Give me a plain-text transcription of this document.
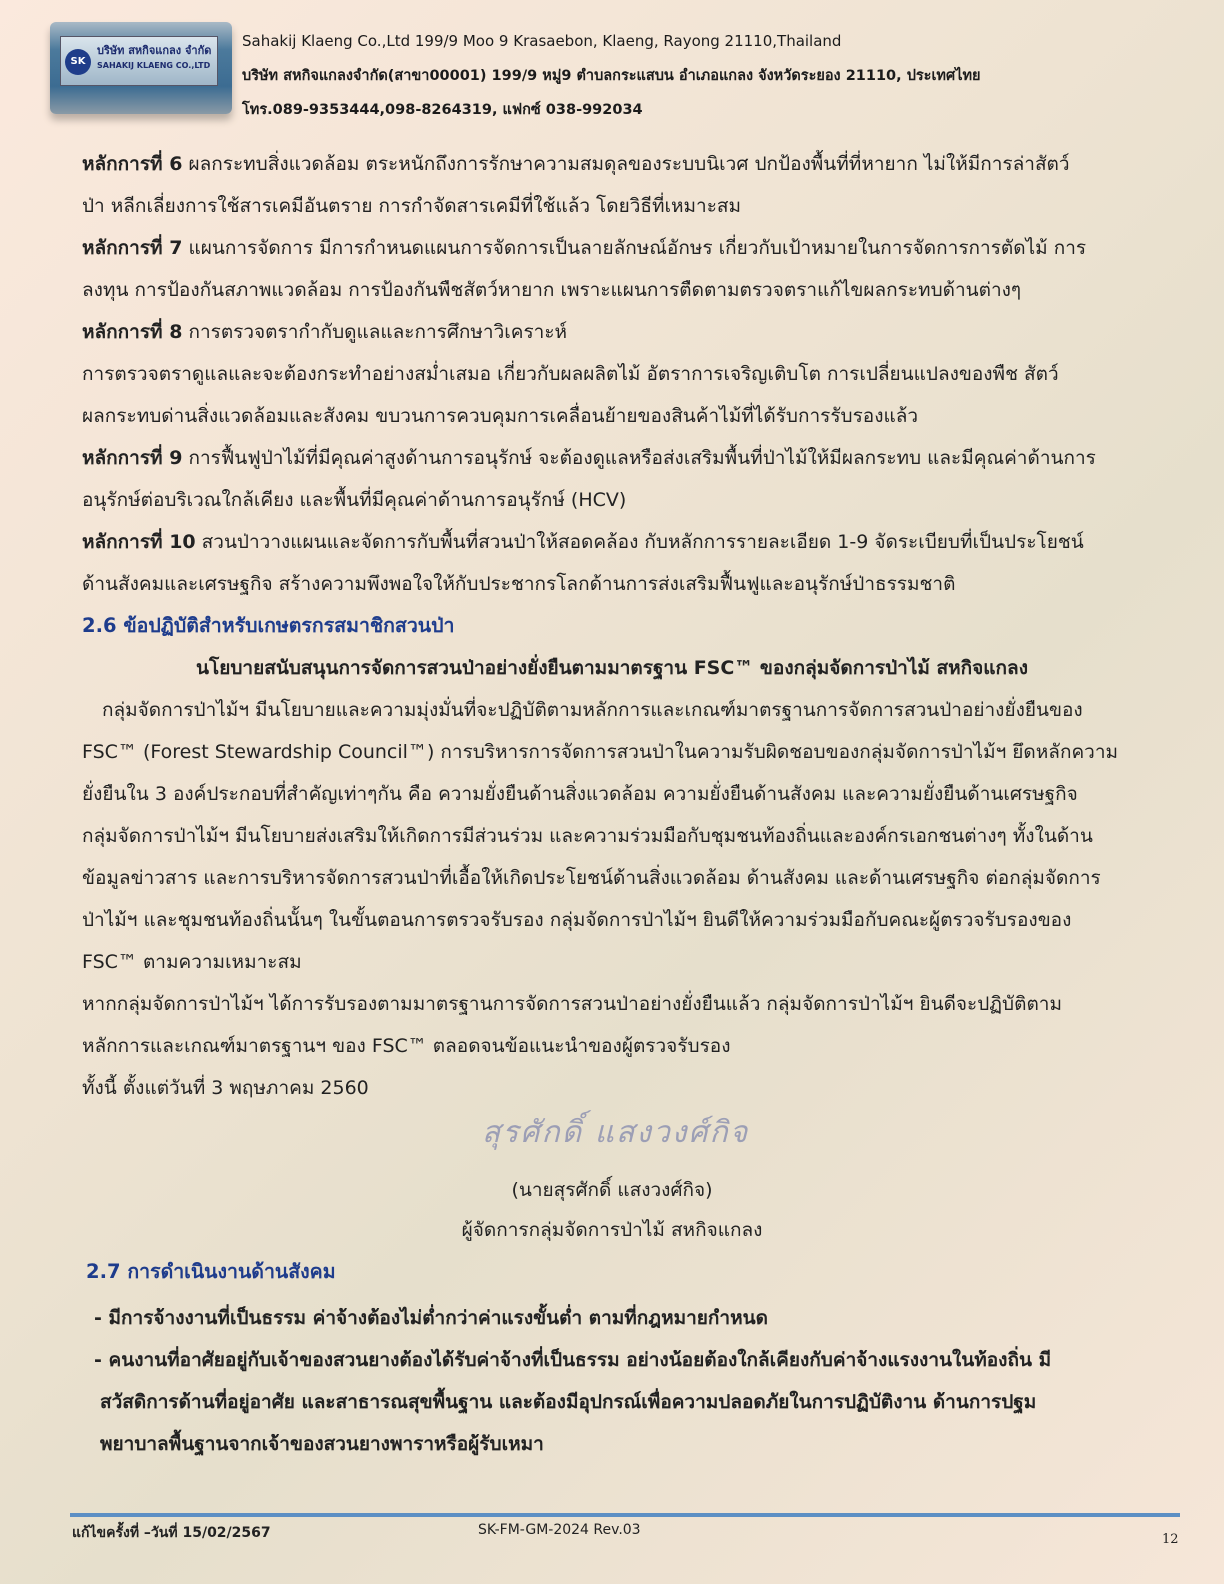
SK
บริษัท สหกิจแกลง จำกัด
SAHAKIJ KLAENG CO.,LTD
Sahakij Klaeng Co.,Ltd 199/9 Moo 9 Krasaebon, Klaeng, Rayong 21110,Thailand
บริษัท สหกิจแกลงจำกัด(สาขา00001) 199/9 หมู่9 ตำบลกระแสบน อำเภอแกลง จังหวัดระยอง 21110, ประเทศไทย
โทร.089-9353444,098-8264319, แฟกซ์ 038-992034

หลักการที่ 6 ผลกระทบสิ่งแวดล้อม ตระหนักถึงการรักษาความสมดุลของระบบนิเวศ ปกป้องพื้นที่ที่หายาก ไม่ให้มีการล่าสัตว์

ป่า หลีกเลี่ยงการใช้สารเคมีอันตราย การกำจัดสารเคมีที่ใช้แล้ว โดยวิธีที่เหมาะสม

หลักการที่ 7 แผนการจัดการ มีการกำหนดแผนการจัดการเป็นลายลักษณ์อักษร เกี่ยวกับเป้าหมายในการจัดการการตัดไม้ การ

ลงทุน การป้องกันสภาพแวดล้อม การป้องกันพืชสัตว์หายาก เพราะแผนการตืดตามตรวจตราแก้ไขผลกระทบด้านต่างๆ

หลักการที่ 8 การตรวจตรากำกับดูแลและการศึกษาวิเคราะห์

การตรวจตราดูแลและจะต้องกระทำอย่างสม่ำเสมอ เกี่ยวกับผลผลิตไม้ อัตราการเจริญเติบโต การเปลี่ยนแปลงของพืช สัตว์

ผลกระทบด่านสิ่งแวดล้อมและสังคม ขบวนการควบคุมการเคลื่อนย้ายของสินค้าไม้ที่ได้รับการรับรองแล้ว

หลักการที่ 9 การฟื้นฟูป่าไม้ที่มีคุณค่าสูงด้านการอนุรักษ์ จะต้องดูแลหรือส่งเสริมพื้นที่ป่าไม้ให้มีผลกระทบ และมีคุณค่าด้านการ

อนุรักษ์ต่อบริเวณใกล้เคียง และพื้นที่มีคุณค่าด้านการอนุรักษ์ (HCV)

หลักการที่ 10 สวนป่าวางแผนและจัดการกับพื้นที่สวนป่าให้สอดคล้อง กับหลักการรายละเอียด 1-9 จัดระเบียบที่เป็นประโยชน์

ด้านสังคมและเศรษฐกิจ สร้างความพึงพอใจให้กับประชากรโลกด้านการส่งเสริมฟื้นฟูและอนุรักษ์ป่าธรรมชาติ

2.6 ข้อปฏิบัติสำหรับเกษตรกรสมาชิกสวนป่า

นโยบายสนับสนุนการจัดการสวนป่าอย่างยั่งยืนตามมาตรฐาน FSC™ ของกลุ่มจัดการป่าไม้ สหกิจแกลง

กลุ่มจัดการป่าไม้ฯ มีนโยบายและความมุ่งมั่นที่จะปฏิบัติตามหลักการและเกณฑ์มาตรฐานการจัดการสวนป่าอย่างยั่งยืนของ

FSC™ (Forest Stewardship Council™) การบริหารการจัดการสวนป่าในความรับผิดชอบของกลุ่มจัดการป่าไม้ฯ ยึดหลักความ

ยั่งยืนใน 3 องค์ประกอบที่สำคัญเท่าๆกัน คือ ความยั่งยืนด้านสิ่งแวดล้อม ความยั่งยืนด้านสังคม และความยั่งยืนด้านเศรษฐกิจ

กลุ่มจัดการป่าไม้ฯ มีนโยบายส่งเสริมให้เกิดการมีส่วนร่วม และความร่วมมือกับชุมชนท้องถิ่นและองค์กรเอกชนต่างๆ ทั้งในด้าน

ข้อมูลข่าวสาร และการบริหารจัดการสวนป่าที่เอื้อให้เกิดประโยชน์ด้านสิ่งแวดล้อม ด้านสังคม และด้านเศรษฐกิจ ต่อกลุ่มจัดการ

ป่าไม้ฯ และชุมชนท้องถิ่นนั้นๆ ในขั้นตอนการตรวจรับรอง กลุ่มจัดการป่าไม้ฯ ยินดีให้ความร่วมมือกับคณะผู้ตรวจรับรองของ

FSC™ ตามความเหมาะสม

หากกลุ่มจัดการป่าไม้ฯ ได้การรับรองตามมาตรฐานการจัดการสวนป่าอย่างยั่งยืนแล้ว กลุ่มจัดการป่าไม้ฯ ยินดีจะปฏิบัติตาม

หลักการและเกณฑ์มาตรฐานฯ ของ FSC™ ตลอดจนข้อแนะนำของผู้ตรวจรับรอง

ทั้งนี้ ตั้งแต่วันที่ 3 พฤษภาคม 2560

สุรศักดิ์ แสงวงศ์กิจ

(นายสุรศักดิ์ แสงวงศ์กิจ)

ผู้จัดการกลุ่มจัดการป่าไม้ สหกิจแกลง

2.7 การดำเนินงานด้านสังคม

- มีการจ้างงานที่เป็นธรรม ค่าจ้างต้องไม่ต่ำกว่าค่าแรงขั้นต่ำ ตามที่กฎหมายกำหนด

- คนงานที่อาศัยอยู่กับเจ้าของสวนยางต้องได้รับค่าจ้างที่เป็นธรรม อย่างน้อยต้องใกล้เคียงกับค่าจ้างแรงงานในท้องถิ่น มี

สวัสดิการด้านที่อยู่อาศัย และสาธารณสุขพื้นฐาน และต้องมีอุปกรณ์เพื่อความปลอดภัยในการปฏิบัติงาน ด้านการปฐม

พยาบาลพื้นฐานจากเจ้าของสวนยางพาราหรือผู้รับเหมา

แก้ไขครั้งที่ –วันที่ 15/02/2567	SK-FM-GM-2024 Rev.03
12
